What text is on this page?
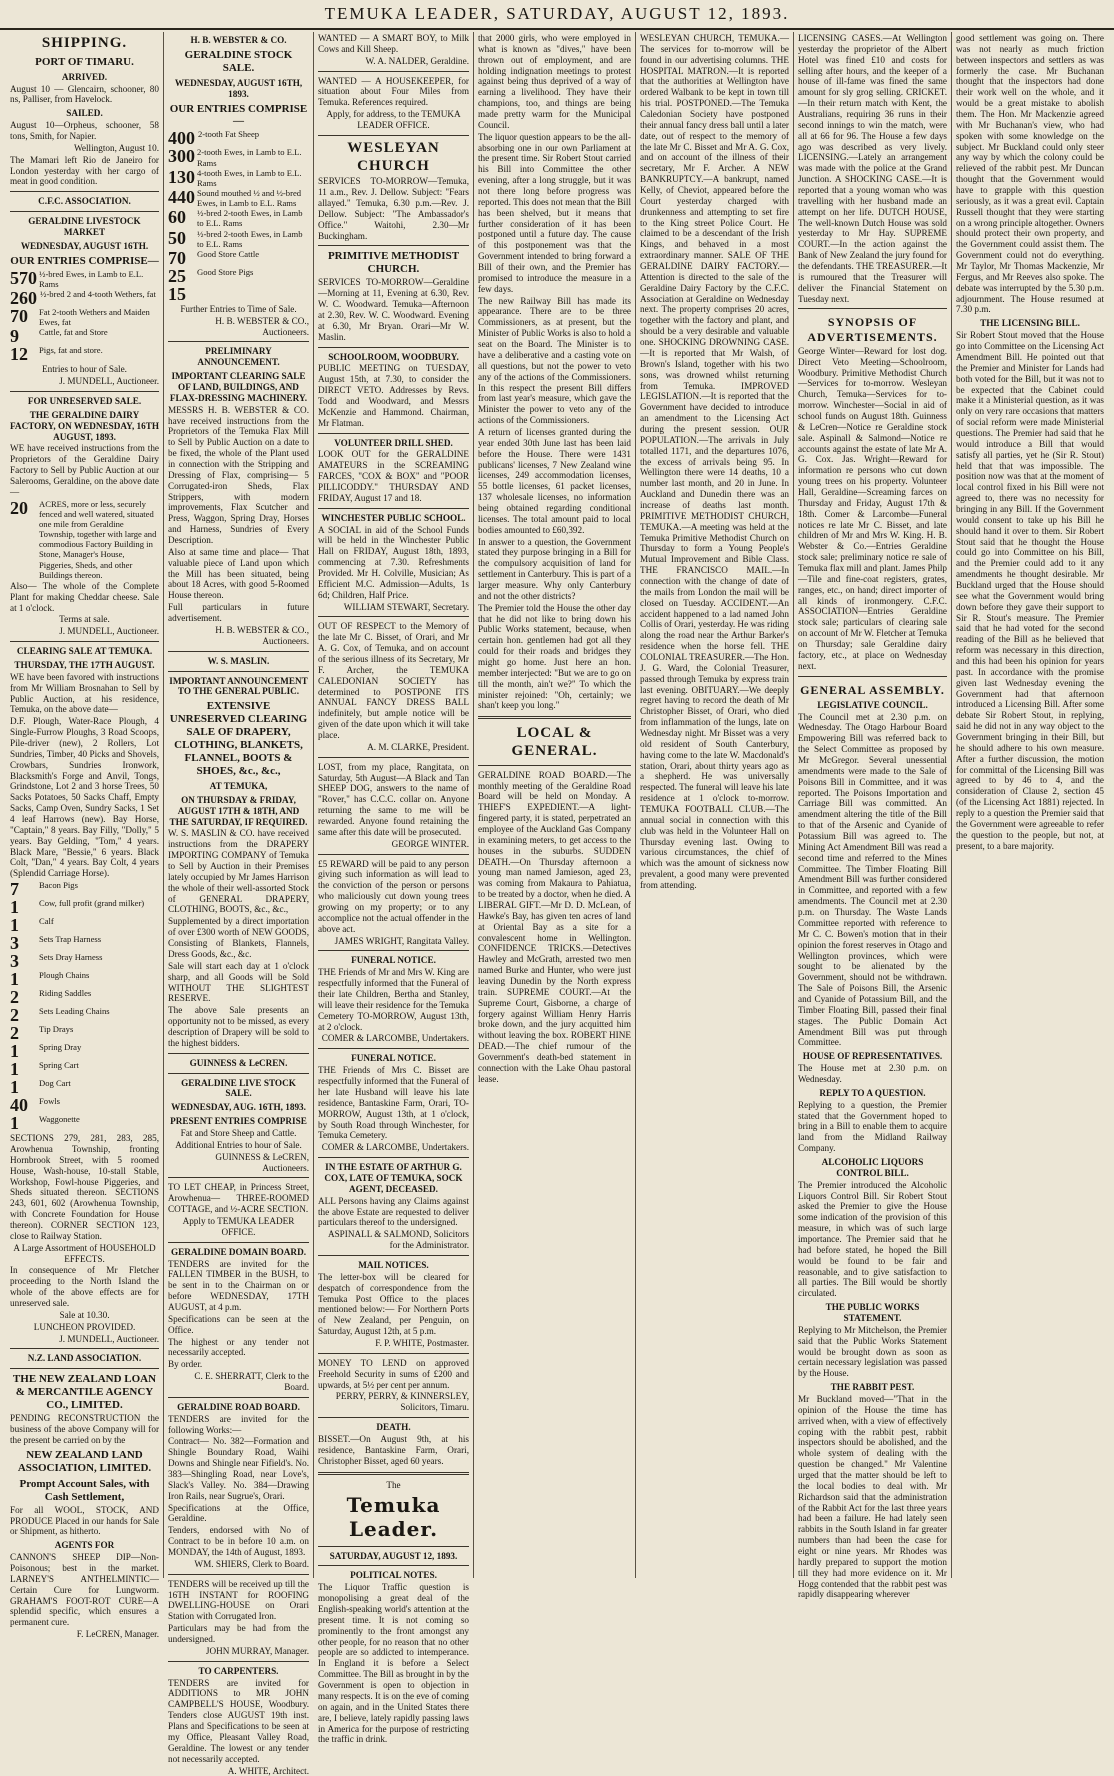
TEMUKA LEADER, SATURDAY, AUGUST 12, 1893.
SHIPPING.
PORT OF TIMARU.
ARRIVED.

August 10 — Glencairn, schooner, 80 ns, Palliser, from Havelock.

SAILED.

August 10—Orpheus, schooner, 58 tons, Smith, for Napier.

Wellington, August 10.

The Mamari left Rio de Janeiro for London yesterday with her cargo of meat in good condition.

C.F.C. ASSOCIATION.
GERALDINE LIVESTOCK MARKET
WEDNESDAY, AUGUST 16TH.
OUR ENTRIES COMPRISE—
570 ½-bred Ewes, in Lamb to E.L. Rams
260 ½-bred 2 and 4-tooth Wethers, fat
70	Fat 2-tooth Wethers and Maiden Ewes, fat
9	Cattle, fat and Store
12	Pigs, fat and store.

Entries to hour of Sale.

J. MUNDELL, Auctioneer.

FOR UNRESERVED SALE.
THE GERALDINE DAIRY FACTORY, ON WEDNESDAY, 16TH AUGUST, 1893.

WE have received instructions from the Proprietors of the Geraldine Dairy Factory to Sell by Public Auction at our Salerooms, Geraldine, on the above date—

20	ACRES, more or less, securely fenced and well watered, situated one mile from Geraldine Township, together with large and commodious Factory Building in Stone, Manager's House, Piggeries, Sheds, and other Buildings thereon.

Also— The whole of the Complete Plant for making Cheddar cheese. Sale at 1 o'clock.

Terms at sale.

J. MUNDELL, Auctioneer.

CLEARING SALE AT TEMUKA.
THURSDAY, THE 17TH AUGUST.

WE have been favored with instructions from Mr William Brosnahan to Sell by Public Auction, at his residence, Temuka, on the above date—

D.F. Plough, Water-Race Plough, 4 Single-Furrow Ploughs, 3 Road Scoops, Pile-driver (new), 2 Rollers, Lot Sundries, Timber, 40 Picks and Shovels, Crowbars, Sundries Ironwork, Blacksmith's Forge and Anvil, Tongs, Grindstone, Lot 2 and 3 horse Trees, 50 Sacks Potatoes, 50 Sacks Chaff, Empty Sacks, Camp Oven, Sundry Sacks, 1 Set 4 leaf Harrows (new). Bay Horse, "Captain," 8 years. Bay Filly, "Dolly," 5 years. Bay Gelding, "Tom," 4 years. Black Mare, "Bessie," 6 years. Black Colt, "Dan," 4 years. Bay Colt, 4 years (Splendid Carriage Horse).

7	Bacon Pigs
1	Cow, full profit (grand milker)
1	Calf
3	Sets Trap Harness
3	Sets Dray Harness
1	Plough Chains
2	Riding Saddles
2	Sets Leading Chains
2	Tip Drays
1	Spring Dray
1	Spring Cart
1	Dog Cart
40	Fowls
1	Waggonette

SECTIONS 279, 281, 283, 285, Arowhenua Township, fronting Hornbrook Street, with 5 roomed House, Wash-house, 10-stall Stable, Workshop, Fowl-house Piggeries, and Sheds situated thereon. SECTIONS 243, 601, 602 (Arowhenua Township, with Concrete Foundation for House thereon). CORNER SECTION 123, close to Railway Station.

A Large Assortment of HOUSEHOLD EFFECTS.

In consequence of Mr Fletcher proceeding to the North Island the whole of the above effects are for unreserved sale.

Sale at 10.30.

LUNCHEON PROVIDED.

J. MUNDELL, Auctioneer.

N.Z. LAND ASSOCIATION.
THE NEW ZEALAND LOAN & MERCANTILE AGENCY CO., LIMITED.

PENDING RECONSTRUCTION the business of the above Company will for the present be carried on by the

NEW ZEALAND LAND ASSOCIATION, LIMITED.
Prompt Account Sales, with Cash Settlement,

For all WOOL, STOCK, AND PRODUCE Placed in our hands for Sale or Shipment, as hitherto.

AGENTS FOR

CANNON'S SHEEP DIP—Non-Poisonous; best in the market. LARNEY'S ANTHELMINTIC—Certain Cure for Lungworm. GRAHAM'S FOOT-ROT CURE—A splendid specific, which ensures a permanent cure.

F. LeCREN, Manager.

H. B. WEBSTER & CO.
GERALDINE STOCK SALE.
WEDNESDAY, AUGUST 16TH, 1893.
OUR ENTRIES COMPRISE—
400 2-tooth Fat Sheep
300 2-tooth Ewes, in Lamb to E.L. Rams
130 4-tooth Ewes, in Lamb to E.L. Rams
440 Sound mouthed ½ and ½-bred Ewes, in Lamb to E.L. Rams
60	½-bred 2-tooth Ewes, in Lamb to E.L. Rams
50	½-bred 2-tooth Ewes, in Lamb to E.L. Rams
70	Good Store Cattle
25	Good Store Pigs
15

Further Entries to Time of Sale.

H. B. WEBSTER & CO., Auctioneers.

PRELIMINARY ANNOUNCEMENT.
IMPORTANT CLEARING SALE OF LAND, BUILDINGS, AND FLAX-DRESSING MACHINERY.

MESSRS H. B. WEBSTER & CO. have received instructions from the Proprietors of the Temuka Flax Mill to Sell by Public Auction on a date to be fixed, the whole of the Plant used in connection with the Stripping and Dressing of Flax, comprising— 5 Corrugated-iron Sheds, Flax Strippers, with modern improvements, Flax Scutcher and Press, Waggon, Spring Dray, Horses and Harness, Sundries of Every Description.

Also at same time and place— That valuable piece of Land upon which the Mill has been situated, being about 18 Acres, with good 5-Roomed House thereon.

Full particulars in future advertisement.

H. B. WEBSTER & CO., Auctioneers.

W. S. MASLIN.
IMPORTANT ANNOUNCEMENT TO THE GENERAL PUBLIC.
EXTENSIVE UNRESERVED CLEARING SALE OF DRAPERY, CLOTHING, BLANKETS, FLANNEL, BOOTS & SHOES, &c., &c.,
AT TEMUKA,
ON THURSDAY & FRIDAY, AUGUST 17TH & 18TH, AND THE SATURDAY, IF REQUIRED.

W. S. MASLIN & CO. have received instructions from the DRAPERY IMPORTING COMPANY of Temuka to Sell by Auction in their Premises lately occupied by Mr James Harrison the whole of their well-assorted Stock of GENERAL DRAPERY, CLOTHING, BOOTS, &c., &c.,

Supplemented by a direct importation of over £300 worth of NEW GOODS, Consisting of Blankets, Flannels, Dress Goods, &c., &c.

Sale will start each day at 1 o'clock sharp, and all Goods will be Sold WITHOUT THE SLIGHTEST RESERVE.

The above Sale presents an opportunity not to be missed, as every description of Drapery will be sold to the highest bidders.

GUINNESS & LeCREN.
GERALDINE LIVE STOCK SALE.
WEDNESDAY, AUG. 16TH, 1893.
PRESENT ENTRIES COMPRISE

Fat and Store Sheep and Cattle.

Additional Entries to hour of Sale.

GUINNESS & LeCREN, Auctioneers.

TO LET CHEAP, in Princess Street, Arowhenua— THREE-ROOMED COTTAGE, and ½-ACRE SECTION.

Apply to TEMUKA LEADER OFFICE.

GERALDINE DOMAIN BOARD.

TENDERS are invited for the FALLEN TIMBER in the BUSH, to be sent in to the Chairman on or before WEDNESDAY, 17TH AUGUST, at 4 p.m.

Specifications can be seen at the Office.

The highest or any tender not necessarily accepted.

By order.

C. E. SHERRATT, Clerk to the Board.

GERALDINE ROAD BOARD.

TENDERS are invited for the following Works:—

Contract— No. 382—Formation and Shingle Boundary Road, Waihi Downs and Shingle near Fifield's. No. 383—Shingling Road, near Love's, Slack's Valley. No. 384—Drawing Iron Rails, near Sugrue's, Orari.

Specifications at the Office, Geraldine.

Tenders, endorsed with No of Contract to be in before 10 a.m. on MONDAY, the 14th of August, 1893.

WM. SHIERS, Clerk to Board.

TENDERS will be received up till the 16TH INSTANT for ROOFING DWELLING-HOUSE on Orari Station with Corrugated Iron.

Particulars may be had from the undersigned.

JOHN MURRAY, Manager.

TO CARPENTERS.

TENDERS are invited for ADDITIONS to MR JOHN CAMPBELL'S HOUSE, Woodbury. Tenders close AUGUST 19th inst. Plans and Specifications to be seen at my Office, Pleasant Valley Road, Geraldine. The lowest or any tender not necessarily accepted.

A. WHITE, Architect.

WANTED — A SMART BOY, to Milk Cows and Kill Sheep.

W. A. NALDER, Geraldine.

WANTED — A HOUSEKEEPER, for situation about Four Miles from Temuka. References required.

Apply, for address, to the TEMUKA LEADER OFFICE.

WESLEYAN CHURCH

SERVICES TO-MORROW—Temuka, 11 a.m., Rev. J. Dellow. Subject: "Fears allayed." Temuka, 6.30 p.m.—Rev. J. Dellow. Subject: "The Ambassador's Office." Waitohi, 2.30—Mr Buckingham.

PRIMITIVE METHODIST CHURCH.

SERVICES TO-MORROW—Geraldine—Morning at 11, Evening at 6.30, Rev. W. C. Woodward. Temuka—Afternoon at 2.30, Rev. W. C. Woodward. Evening at 6.30, Mr Bryan. Orari—Mr W. Maslin.

SCHOOLROOM, WOODBURY.

PUBLIC MEETING on TUESDAY, August 15th, at 7.30, to consider the DIRECT VETO. Addresses by Revs. Todd and Woodward, and Messrs McKenzie and Hammond. Chairman, Mr Flatman.

VOLUNTEER DRILL SHED.

LOOK OUT for the GERALDINE AMATEURS in the SCREAMING FARCES, "COX & BOX" and "POOR PILLICODDY." THURSDAY AND FRIDAY, August 17 and 18.

WINCHESTER PUBLIC SCHOOL.

A SOCIAL in aid of the School Funds will be held in the Winchester Public Hall on FRIDAY, August 18th, 1893, commencing at 7.30. Refreshments Provided. Mr H. Colville, Musician; As Efficient M.C. Admission—Adults, 1s 6d; Children, Half Price.

WILLIAM STEWART, Secretary.

OUT OF RESPECT to the Memory of the late Mr C. Bisset, of Orari, and Mr A. G. Cox, of Temuka, and on account of the serious illness of its Secretary, Mr F. Archer, the TEMUKA CALEDONIAN SOCIETY has determined to POSTPONE ITS ANNUAL FANCY DRESS BALL indefinitely, but ample notice will be given of the date upon which it will take place.

A. M. CLARKE, President.

LOST, from my place, Rangitata, on Saturday, 5th August—A Black and Tan SHEEP DOG, answers to the name of "Rover," has C.C.C. collar on. Anyone returning the same to me will be rewarded. Anyone found retaining the same after this date will be prosecuted.

GEORGE WINTER.

£5 REWARD will be paid to any person giving such information as will lead to the conviction of the person or persons who maliciously cut down young trees growing on my property; or to any accomplice not the actual offender in the above act.

JAMES WRIGHT, Rangitata Valley.

FUNERAL NOTICE.

THE Friends of Mr and Mrs W. King are respectfully informed that the Funeral of their late Children, Bertha and Stanley, will leave their residence for the Temuka Cemetery TO-MORROW, August 13th, at 2 o'clock.

COMER & LARCOMBE, Undertakers.

FUNERAL NOTICE.

THE Friends of Mrs C. Bisset are respectfully informed that the Funeral of her late Husband will leave his late residence, Bantaskine Farm, Orari, TO-MORROW, August 13th, at 1 o'clock, by South Road through Winchester, for Temuka Cemetery.

COMER & LARCOMBE, Undertakers.

IN THE ESTATE OF ARTHUR G. COX, LATE OF TEMUKA, SOCK AGENT, DECEASED.

ALL Persons having any Claims against the above Estate are requested to deliver particulars thereof to the undersigned.

ASPINALL & SALMOND, Solicitors for the Administrator.

MAIL NOTICES.

The letter-box will be cleared for despatch of correspondence from the Temuka Post Office to the places mentioned below:— For Northern Ports of New Zealand, per Penguin, on Saturday, August 12th, at 5 p.m.

F. P. WHITE, Postmaster.

MONEY TO LEND on approved Freehold Security in sums of £200 and upwards, at 5½ per cent per annum.

PERRY, PERRY, & KINNERSLEY, Solicitors, Timaru.

DEATH.

BISSET.—On August 9th, at his residence, Bantaskine Farm, Orari, Christopher Bisset, aged 60 years.

The
Temuka Leader.
SATURDAY, AUGUST 12, 1893.
POLITICAL NOTES.

The Liquor Traffic question is monopolising a great deal of the English-speaking world's attention at the present time. It is not coming so prominently to the front amongst any other people, for no reason that no other people are so addicted to intemperance. In England it is before a Select Committee. The Bill as brought in by the Government is open to objection in many respects. It is on the eve of coming on again, and in the United States there are, I believe, lately rapidly passing laws in America for the purpose of restricting the traffic in drink.

that 2000 girls, who were employed in what is known as "dives," have been thrown out of employment, and are holding indignation meetings to protest against being thus deprived of a way of earning a livelihood. They have their champions, too, and things are being made pretty warm for the Municipal Council.

The liquor question appears to be the all-absorbing one in our own Parliament at the present time. Sir Robert Stout carried his Bill into Committee the other evening, after a long struggle, but it was not there long before progress was reported. This does not mean that the Bill has been shelved, but it means that further consideration of it has been postponed until a future day. The cause of this postponement was that the Government intended to bring forward a Bill of their own, and the Premier has promised to introduce the measure in a few days.

The new Railway Bill has made its appearance. There are to be three Commissioners, as at present, but the Minister of Public Works is also to hold a seat on the Board. The Minister is to have a deliberative and a casting vote on all questions, but not the power to veto any of the actions of the Commissioners. In this respect the present Bill differs from last year's measure, which gave the Minister the power to veto any of the actions of the Commissioners.

A return of licenses granted during the year ended 30th June last has been laid before the House. There were 1431 publicans' licenses, 7 New Zealand wine licenses, 249 accommodation licenses, 55 bottle licenses, 61 packet licenses, 137 wholesale licenses, no information being obtained regarding conditional licenses. The total amount paid to local bodies amounted to £60,392.

In answer to a question, the Government stated they purpose bringing in a Bill for the compulsory acquisition of land for settlement in Canterbury. This is part of a larger measure. Why only Canterbury and not the other districts?

The Premier told the House the other day that he did not like to bring down his Public Works statement, because, when certain hon. gentlemen had got all they could for their roads and bridges they might go home. Just here an hon. member interjected: "But we are to go on till the month, ain't we?" To which the minister rejoined: "Oh, certainly; we shan't keep you long."

LOCAL & GENERAL.

GERALDINE ROAD BOARD.—The monthly meeting of the Geraldine Road Board will be held on Monday. A THIEF'S EXPEDIENT.—A light-fingered party, it is stated, perpetrated an employee of the Auckland Gas Company in examining meters, to get access to the houses in the suburbs. SUDDEN DEATH.—On Thursday afternoon a young man named Jamieson, aged 23, was coming from Makaura to Pahiatua, to be treated by a doctor, when he died. A LIBERAL GIFT.—Mr D. D. McLean, of Hawke's Bay, has given ten acres of land at Oriental Bay as a site for a convalescent home in Wellington. CONFIDENCE TRICKS.—Detectives Hawley and McGrath, arrested two men named Burke and Hunter, who were just leaving Dunedin by the North express train. SUPREME COURT.—At the Supreme Court, Gisborne, a charge of forgery against William Henry Harris broke down, and the jury acquitted him without leaving the box. ROBERT HINE DEAD.—The chief rumour of the Government's death-bed statement in connection with the Lake Ohau pastoral lease.

WESLEYAN CHURCH, TEMUKA.—The services for to-morrow will be found in our advertising columns. THE HOSPITAL MATRON.—It is reported that the authorities at Wellington have ordered Walbank to be kept in town till his trial. POSTPONED.—The Temuka Caledonian Society have postponed their annual fancy dress ball until a later date, out of respect to the memory of the late Mr C. Bisset and Mr A. G. Cox, and on account of the illness of their secretary, Mr F. Archer. A NEW BANKRUPTCY.—A bankrupt, named Kelly, of Cheviot, appeared before the Court yesterday charged with drunkenness and attempting to set fire to the King street Police Court. He claimed to be a descendant of the Irish Kings, and behaved in a most extraordinary manner. SALE OF THE GERALDINE DAIRY FACTORY.—Attention is directed to the sale of the Geraldine Dairy Factory by the C.F.C. Association at Geraldine on Wednesday next. The property comprises 20 acres, together with the factory and plant, and should be a very desirable and valuable one. SHOCKING DROWNING CASE.—It is reported that Mr Walsh, of Brown's Island, together with his two sons, was drowned whilst returning from Temuka. IMPROVED LEGISLATION.—It is reported that the Government have decided to introduce an amendment to the Licensing Act during the present session. OUR POPULATION.—The arrivals in July totalled 1171, and the departures 1076, the excess of arrivals being 95. In Wellington there were 14 deaths, 10 a number last month, and 20 in June. In Auckland and Dunedin there was an increase of deaths last month. PRIMITIVE METHODIST CHURCH, TEMUKA.—A meeting was held at the Temuka Primitive Methodist Church on Thursday to form a Young People's Mutual Improvement and Bible Class. THE FRANCISCO MAIL.—In connection with the change of date of the mails from London the mail will be closed on Tuesday. ACCIDENT.—An accident happened to a lad named John Collis of Orari, yesterday. He was riding along the road near the Arthur Barker's residence when the horse fell. THE COLONIAL TREASURER.—The Hon. J. G. Ward, the Colonial Treasurer, passed through Temuka by express train last evening. OBITUARY.—We deeply regret having to record the death of Mr Christopher Bisset, of Orari, who died from inflammation of the lungs, late on Wednesday night. Mr Bisset was a very old resident of South Canterbury, having come to the late W. Macdonald's station, Orari, about thirty years ago as a shepherd. He was universally respected. The funeral will leave his late residence at 1 o'clock to-morrow. TEMUKA FOOTBALL CLUB.—The annual social in connection with this club was held in the Volunteer Hall on Thursday evening last. Owing to various circumstances, the chief of which was the amount of sickness now prevalent, a good many were prevented from attending.

LICENSING CASES.—At Wellington yesterday the proprietor of the Albert Hotel was fined £10 and costs for selling after hours, and the keeper of a house of ill-fame was fined the same amount for sly grog selling. CRICKET.—In their return match with Kent, the Australians, requiring 36 runs in their second innings to win the match, were all at 66 for 96. The House a few days ago was described as very lively. LICENSING.—Lately an arrangement was made with the police at the Grand Junction. A SHOCKING CASE.—It is reported that a young woman who was travelling with her husband made an attempt on her life. DUTCH HOUSE, The well-known Dutch House was sold yesterday to Mr Hay. SUPREME COURT.—In the action against the Bank of New Zealand the jury found for the defendants. THE TREASURER.—It is rumoured that the Treasurer will deliver the Financial Statement on Tuesday next.

SYNOPSIS OF ADVERTISEMENTS.

George Winter—Reward for lost dog. Direct Veto Meeting—Schoolroom, Woodbury. Primitive Methodist Church—Services for to-morrow. Wesleyan Church, Temuka—Services for to-morrow. Winchester—Social in aid of school funds on August 18th. Guinness & LeCren—Notice re Geraldine stock sale. Aspinall & Salmond—Notice re accounts against the estate of late Mr A. G. Cox. Jas. Wright—Reward for information re persons who cut down young trees on his property. Volunteer Hall, Geraldine—Screaming farces on Thursday and Friday, August 17th & 18th. Comer & Larcombe—Funeral notices re late Mr C. Bisset, and late children of Mr and Mrs W. King. H. B. Webster & Co.—Entries Geraldine stock sale; preliminary notice re sale of Temuka flax mill and plant. James Philp—Tile and fine-coat registers, grates, ranges, etc., on hand; direct importer of all kinds of ironmongery. C.F.C. ASSOCIATION—Entries Geraldine stock sale; particulars of clearing sale on account of Mr W. Fletcher at Temuka on Thursday; sale Geraldine dairy factory, etc., at place on Wednesday next.

GENERAL ASSEMBLY.
LEGISLATIVE COUNCIL.

The Council met at 2.30 p.m. on Wednesday. The Otago Harbour Board Empowering Bill was referred back to the Select Committee as proposed by Mr McGregor. Several unessential amendments were made to the Sale of Poisons Bill in Committee, and it was reported. The Poisons Importation and Carriage Bill was committed. An amendment altering the title of the Bill to that of the Arsenic and Cyanide of Potassium Bill was agreed to. The Mining Act Amendment Bill was read a second time and referred to the Mines Committee. The Timber Floating Bill Amendment Bill was further considered in Committee, and reported with a few amendments. The Council met at 2.30 p.m. on Thursday. The Waste Lands Committee reported with reference to Mr C. C. Bowen's motion that in their opinion the forest reserves in Otago and Wellington provinces, which were sought to be alienated by the Government, should not be withdrawn. The Sale of Poisons Bill, the Arsenic and Cyanide of Potassium Bill, and the Timber Floating Bill, passed their final stages. The Public Domain Act Amendment Bill was put through Committee.

HOUSE OF REPRESENTATIVES.

The House met at 2.30 p.m. on Wednesday.

REPLY TO A QUESTION.

Replying to a question, the Premier stated that the Government hoped to bring in a Bill to enable them to acquire land from the Midland Railway Company.

ALCOHOLIC LIQUORS CONTROL BILL.

The Premier introduced the Alcoholic Liquors Control Bill. Sir Robert Stout asked the Premier to give the House some indication of the provision of this measure, in which was of such large importance. The Premier said that he had before stated, he hoped the Bill would be found to be fair and reasonable, and to give satisfaction to all parties. The Bill would be shortly circulated.

THE PUBLIC WORKS STATEMENT.

Replying to Mr Mitchelson, the Premier said that the Public Works Statement would be brought down as soon as certain necessary legislation was passed by the House.

THE RABBIT PEST.

Mr Buckland moved—"That in the opinion of the House the time has arrived when, with a view of effectively coping with the rabbit pest, rabbit inspectors should be abolished, and the whole system of dealing with the question be changed." Mr Valentine urged that the matter should be left to the local bodies to deal with. Mr Richardson said that the administration of the Rabbit Act for the last three years had been a failure. He had lately seen rabbits in the South Island in far greater numbers than had been the case for eight or nine years. Mr Rhodes was hardly prepared to support the motion till they had more evidence on it. Mr Hogg contended that the rabbit pest was rapidly disappearing wherever

good settlement was going on. There was not nearly as much friction between inspectors and settlers as was formerly the case. Mr Buchanan thought that the inspectors had done their work well on the whole, and it would be a great mistake to abolish them. The Hon. Mr Mackenzie agreed with Mr Buchanan's view, who had spoken with some knowledge on the subject. Mr Buckland could only steer any way by which the colony could be relieved of the rabbit pest. Mr Duncan thought that the Government would have to grapple with this question seriously, as it was a great evil. Captain Russell thought that they were starting on a wrong principle altogether. Owners should protect their own property, and the Government could assist them. The Government could not do everything. Mr Taylor, Mr Thomas Mackenzie, Mr Fergus, and Mr Reeves also spoke. The debate was interrupted by the 5.30 p.m. adjournment. The House resumed at 7.30 p.m.

THE LICENSING BILL.

Sir Robert Stout moved that the House go into Committee on the Licensing Act Amendment Bill. He pointed out that the Premier and Minister for Lands had both voted for the Bill, but it was not to be expected that the Cabinet could make it a Ministerial question, as it was only on very rare occasions that matters of social reform were made Ministerial questions. The Premier had said that he would introduce a Bill that would satisfy all parties, yet he (Sir R. Stout) held that that was impossible. The position now was that at the moment of local control fixed in his Bill were not agreed to, there was no necessity for bringing in any Bill. If the Government would consent to take up his Bill he should hand it over to them. Sir Robert Stout said that he thought the House could go into Committee on his Bill, and the Premier could add to it any amendments he thought desirable. Mr Buckland urged that the House should see what the Government would bring down before they gave their support to Sir R. Stout's measure. The Premier said that he had voted for the second reading of the Bill as he believed that reform was necessary in this direction, and this had been his opinion for years past. In accordance with the promise given last Wednesday evening the Government had that afternoon introduced a Licensing Bill. After some debate Sir Robert Stout, in replying, said he did not in any way object to the Government bringing in their Bill, but he should adhere to his own measure. After a further discussion, the motion for committal of the Licensing Bill was agreed to by 46 to 4, and the consideration of Clause 2, section 45 (of the Licensing Act 1881) rejected. In reply to a question the Premier said that the Government were agreeable to refer the question to the people, but not, at present, to a bare majority.
